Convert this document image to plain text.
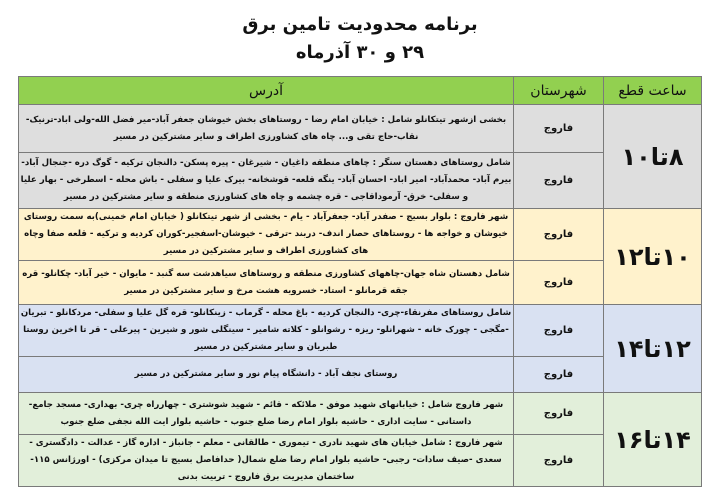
برنامه محدودیت تامین برق
۲۹ و ۳۰ آذرماه
ساعت قطع	شهرستان	آدرس
۸تا۱۰	فاروج	بخشی ازشهر تیتکانلو شامل : خیابان امام رضا - روستاهای بخش خیوشان جعفر آباد-میر فضل الله-ولی اباد-ترنیک-نقاب-حاج تقی و... چاه های کشاورزی اطراف و سایر مشترکین در مسیر
	فاروج	شامل روستاهای دهستان سنگر : چاهای منطقه داغیان - شیرغان - پیره پسکن- دالنجان ترکیه - گوگ دره -جنجال آباد- بیرم آباد- محمدآباد- امیر اباد- احسان آباد- ینگه قلعه- قوشخانه- بیرک علیا و سفلی - باش محله - اسطرخی - بهار علیا و سفلی- خرق- آرموداقاجی - قره چشمه و چاه های کشاورزی منطقه و سایر مشترکین در مسیر
۱۰تا۱۲	فاروج	شهر فاروج : بلوار بسیج - صفدر آباد- جعفرآباد - یام - بخشی از شهر تیتکانلو ( خیابان امام خمینی)به سمت روستای خیوشان و خواجه ها - روستاهای حصار اندف- دربند -ترقی - خیوشان-اسفجیر-کوران کردیه و ترکیه - قلعه صفا وچاه های کشاورزی اطراف و سایر مشترکین در مسیر
	فاروج	شامل دهستان شاه جهان-چاههای کشاورزی منطقه و روستاهای سیاهدشت سه گنبد - مایوان - خیر آباد- چکانلو- قره جقه قرمانلو - استاد- خسرویه هشت مرخ و سایر مشترکین در مسیر
۱۲تا۱۴	فاروج	شامل روستاهای مفرنقاء-چری- دالنجان کردیه - باغ محله - گرماب - زینکانلو- قره گل علیا و سفلی- مردکانلو - تبریان -مگجی - چورک خانه - شهرانلو- ریزه - رشوانلو - کلاته شامیر - سینگلی شور و شیرین - پیرعلی - قر تا اخرین روستا طبریان و سایر مشترکین در مسیر
	فاروج	روستای نجف آباد - دانشگاه پیام نور و سایر مشترکین در مسیر
۱۴تا۱۶	فاروج	شهر فاروج شامل : خیابانهای شهید موفق - ملائکه - قائم - شهید شوشتری - چهارراه چری- بهداری- مسجد جامع-داستانی - سایت اداری - حاشیه بلوار امام رضا ضلع جنوب - حاشیه بلوار ایت الله نجفی ضلع جنوب
	فاروج	شهر فاروج : شامل خیابان های شهید نادری - تیموری - طالقانی - معلم - جانباز - اداره گاز - عدالت - دادگستری - سعدی -صیف سادات- رجبی- حاشیه بلوار امام رضا ضلع شمال( حدافاصل بسیج تا میدان مرکزی) - اورژانس ۱۱۵-ساختمان مدیریت برق فاروج - تربیت بدنی
